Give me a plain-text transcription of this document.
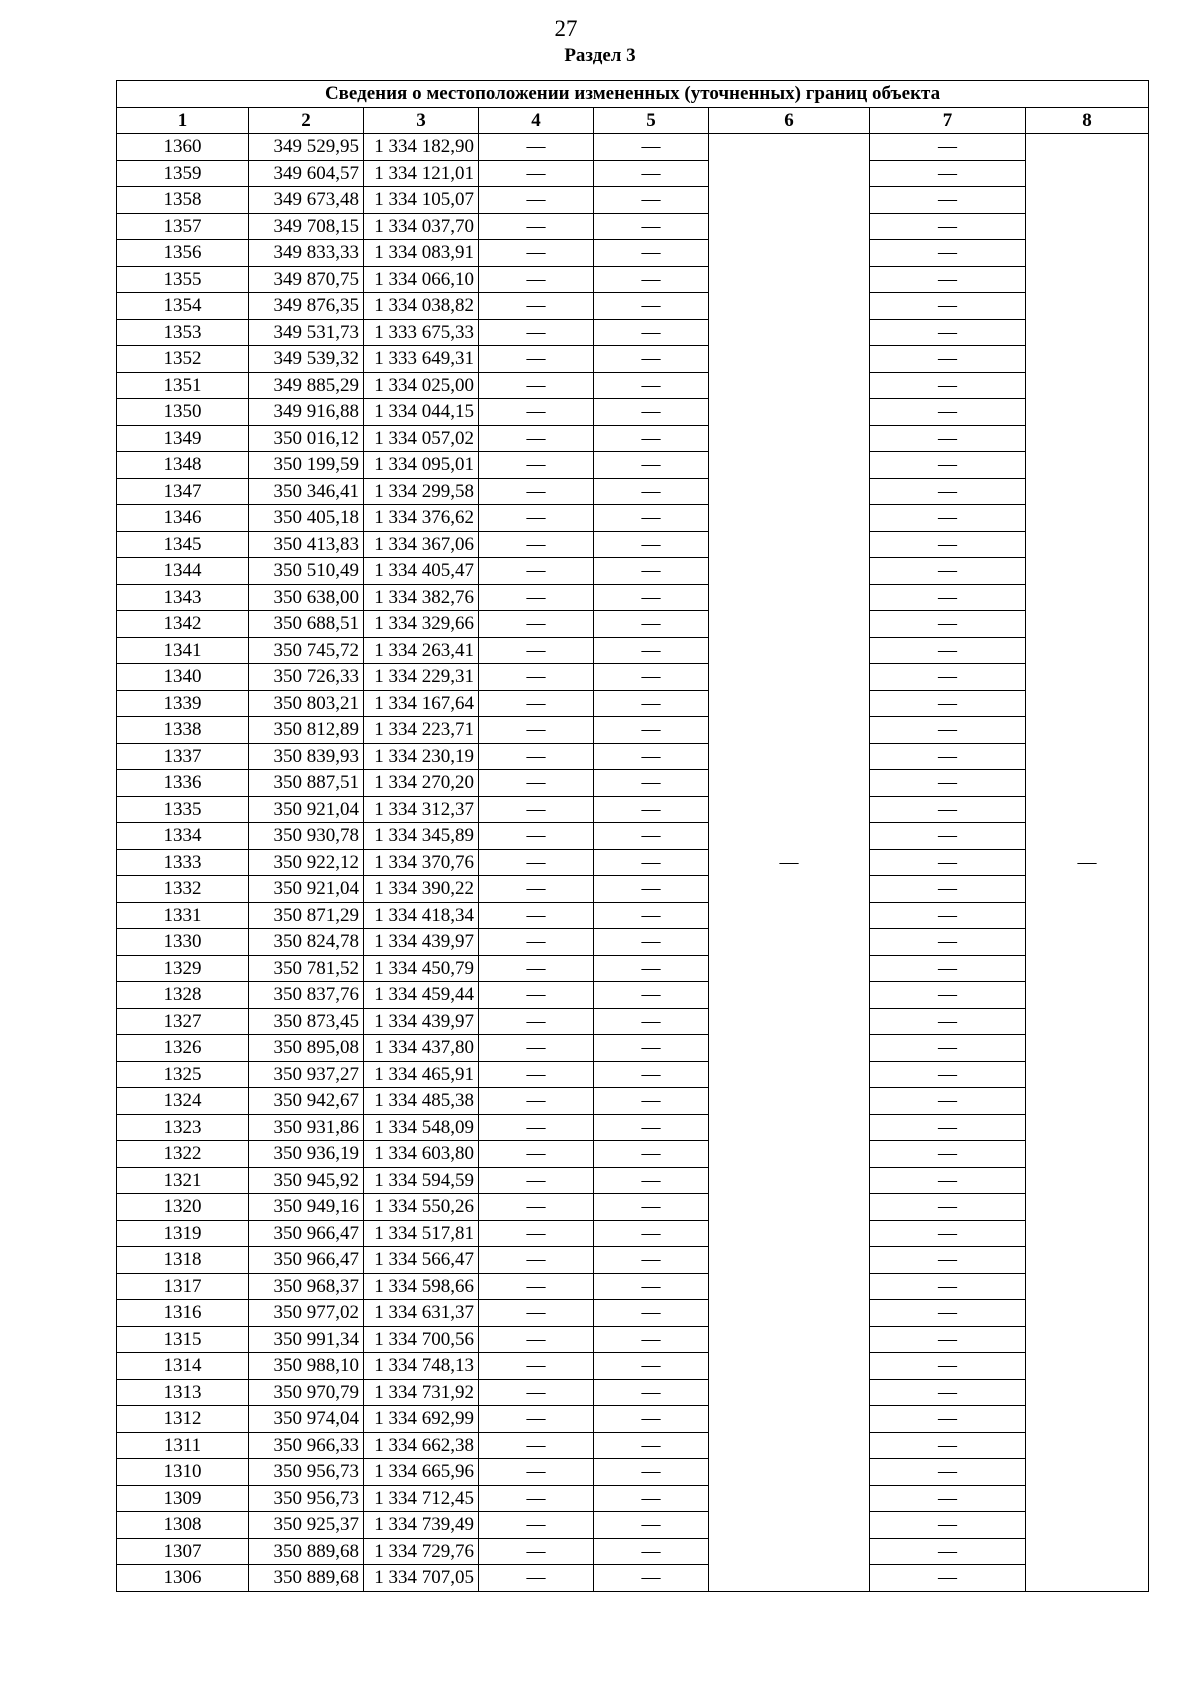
27
Раздел 3
Сведения о местоположении измененных (уточненных) границ объекта							
1	2	3	4	5	6	7	8
1360	349 529,95	1 334 182,90	—	—	—	—	—
1359	349 604,57	1 334 121,01	—	—		—	
1358	349 673,48	1 334 105,07	—	—		—	
1357	349 708,15	1 334 037,70	—	—		—	
1356	349 833,33	1 334 083,91	—	—		—	
1355	349 870,75	1 334 066,10	—	—		—	
1354	349 876,35	1 334 038,82	—	—		—	
1353	349 531,73	1 333 675,33	—	—		—	
1352	349 539,32	1 333 649,31	—	—		—	
1351	349 885,29	1 334 025,00	—	—		—	
1350	349 916,88	1 334 044,15	—	—		—	
1349	350 016,12	1 334 057,02	—	—		—	
1348	350 199,59	1 334 095,01	—	—		—	
1347	350 346,41	1 334 299,58	—	—		—	
1346	350 405,18	1 334 376,62	—	—		—	
1345	350 413,83	1 334 367,06	—	—		—	
1344	350 510,49	1 334 405,47	—	—		—	
1343	350 638,00	1 334 382,76	—	—		—	
1342	350 688,51	1 334 329,66	—	—		—	
1341	350 745,72	1 334 263,41	—	—		—	
1340	350 726,33	1 334 229,31	—	—		—	
1339	350 803,21	1 334 167,64	—	—		—	
1338	350 812,89	1 334 223,71	—	—		—	
1337	350 839,93	1 334 230,19	—	—		—	
1336	350 887,51	1 334 270,20	—	—		—	
1335	350 921,04	1 334 312,37	—	—		—	
1334	350 930,78	1 334 345,89	—	—		—	
1333	350 922,12	1 334 370,76	—	—		—	
1332	350 921,04	1 334 390,22	—	—		—	
1331	350 871,29	1 334 418,34	—	—		—	
1330	350 824,78	1 334 439,97	—	—		—	
1329	350 781,52	1 334 450,79	—	—		—	
1328	350 837,76	1 334 459,44	—	—		—	
1327	350 873,45	1 334 439,97	—	—		—	
1326	350 895,08	1 334 437,80	—	—		—	
1325	350 937,27	1 334 465,91	—	—		—	
1324	350 942,67	1 334 485,38	—	—		—	
1323	350 931,86	1 334 548,09	—	—		—	
1322	350 936,19	1 334 603,80	—	—		—	
1321	350 945,92	1 334 594,59	—	—		—	
1320	350 949,16	1 334 550,26	—	—		—	
1319	350 966,47	1 334 517,81	—	—		—	
1318	350 966,47	1 334 566,47	—	—		—	
1317	350 968,37	1 334 598,66	—	—		—	
1316	350 977,02	1 334 631,37	—	—		—	
1315	350 991,34	1 334 700,56	—	—		—	
1314	350 988,10	1 334 748,13	—	—		—	
1313	350 970,79	1 334 731,92	—	—		—	
1312	350 974,04	1 334 692,99	—	—		—	
1311	350 966,33	1 334 662,38	—	—		—	
1310	350 956,73	1 334 665,96	—	—		—	
1309	350 956,73	1 334 712,45	—	—		—	
1308	350 925,37	1 334 739,49	—	—		—	
1307	350 889,68	1 334 729,76	—	—		—	
1306	350 889,68	1 334 707,05	—	—		—	
